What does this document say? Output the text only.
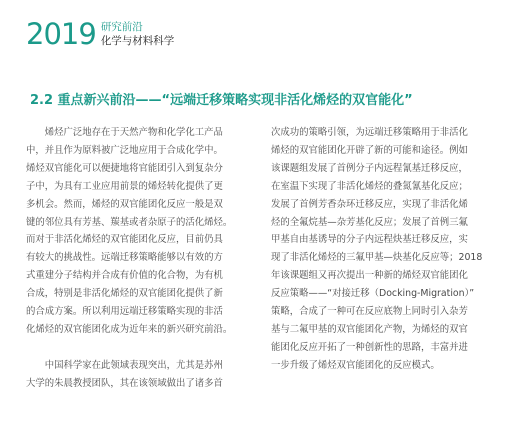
2019 研究前沿
化学与材料科学
2.2 重点新兴前沿——“远端迁移策略实现非活化烯烃的双官能化”
　　烯烃广泛地存在于天然产物和化学化工产品
中，并且作为原料被广泛地应用于合成化学中。
烯烃双官能化可以便捷地将官能团引入到复杂分
子中，为具有工业应用前景的烯烃转化提供了更
多机会。然而，烯烃的双官能团化反应一般是双
键的邻位具有芳基、羰基或者杂原子的活化烯烃。
而对于非活化烯烃的双官能团化反应，目前仍具
有较大的挑战性。远端迁移策略能够以有效的方
式重建分子结构并合成有价值的化合物，为有机
合成，特别是非活化烯烃的双官能团化提供了新
的合成方案。所以利用远端迁移策略实现的非活
化烯烃的双官能团化成为近年来的新兴研究前沿。
　　中国科学家在此领域表现突出，尤其是苏州
大学的朱晨教授团队，其在该领域做出了诸多首
次成功的策略引领，为远端迁移策略用于非活化
烯烃的双官能团化开辟了新的可能和途径。例如
该课题组发展了首例分子内远程氰基迁移反应，
在室温下实现了非活化烯烃的叠氮氰基化反应；
发展了首例芳香杂环迁移反应，实现了非活化烯
烃的全氟烷基—杂芳基化反应；发展了首例三氟
甲基自由基诱导的分子内远程炔基迁移反应，实
现了非活化烯烃的三氟甲基—炔基化反应等；2018
年该课题组又再次提出一种新的烯烃双官能团化
反应策略——“对接迁移（Docking-Migration）”
策略，合成了一种可在反应底物上同时引入杂芳
基与二氟甲基的双官能团化产物，为烯烃的双官
能团化反应开拓了一种创新性的思路，丰富并进
一步升级了烯烃双官能团化的反应模式。
